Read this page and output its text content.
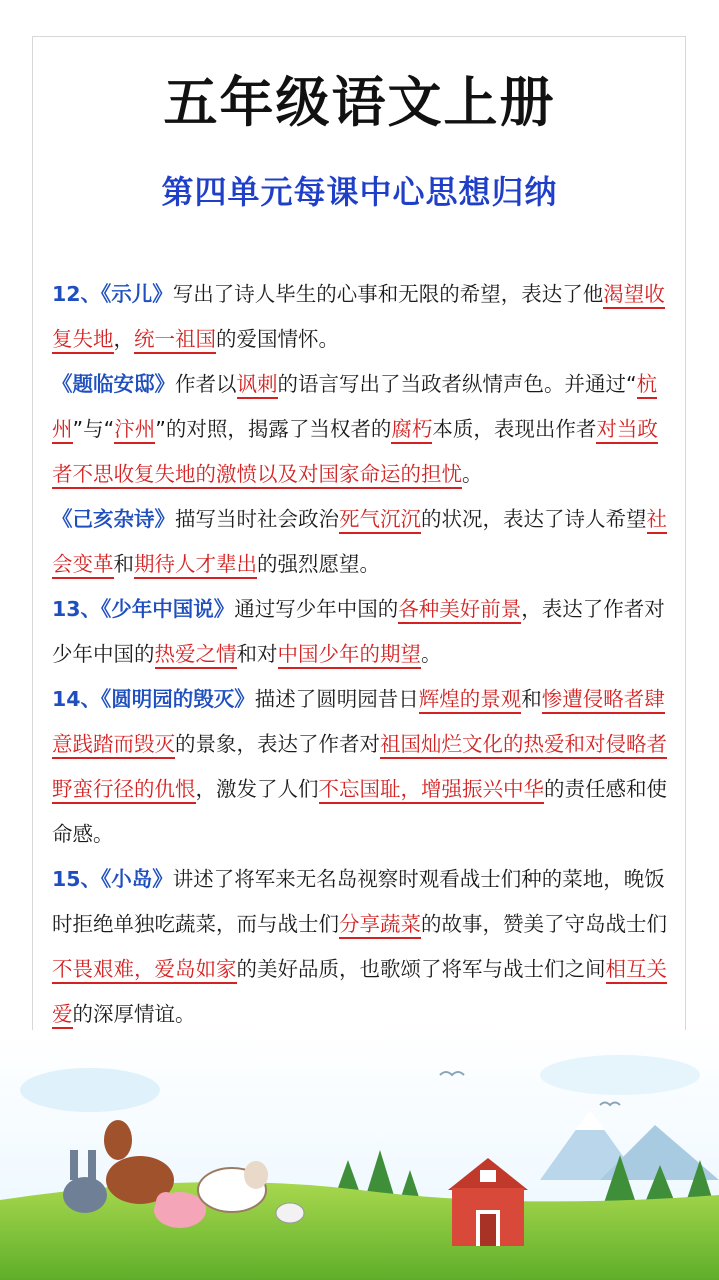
五年级语文上册
第四单元每课中心思想归纳

12、《示儿》写出了诗人毕生的心事和无限的希望，表达了他渴望收复失地，统一祖国的爱国情怀。

《题临安邸》作者以讽刺的语言写出了当政者纵情声色。并通过“杭州”与“汴州”的对照，揭露了当权者的腐朽本质，表现出作者对当政者不思收复失地的激愤以及对国家命运的担忧。

《己亥杂诗》描写当时社会政治死气沉沉的状况，表达了诗人希望社会变革和期待人才辈出的强烈愿望。

13、《少年中国说》通过写少年中国的各种美好前景，表达了作者对少年中国的热爱之情和对中国少年的期望。

14、《圆明园的毁灭》描述了圆明园昔日辉煌的景观和惨遭侵略者肆意践踏而毁灭的景象，表达了作者对祖国灿烂文化的热爱和对侵略者野蛮行径的仇恨，激发了人们不忘国耻，增强振兴中华的责任感和使命感。

15、《小岛》讲述了将军来无名岛视察时观看战士们种的菜地，晚饭时拒绝单独吃蔬菜，而与战士们分享蔬菜的故事，赞美了守岛战士们不畏艰难，爱岛如家的美好品质，也歌颂了将军与战士们之间相互关爱的深厚情谊。
